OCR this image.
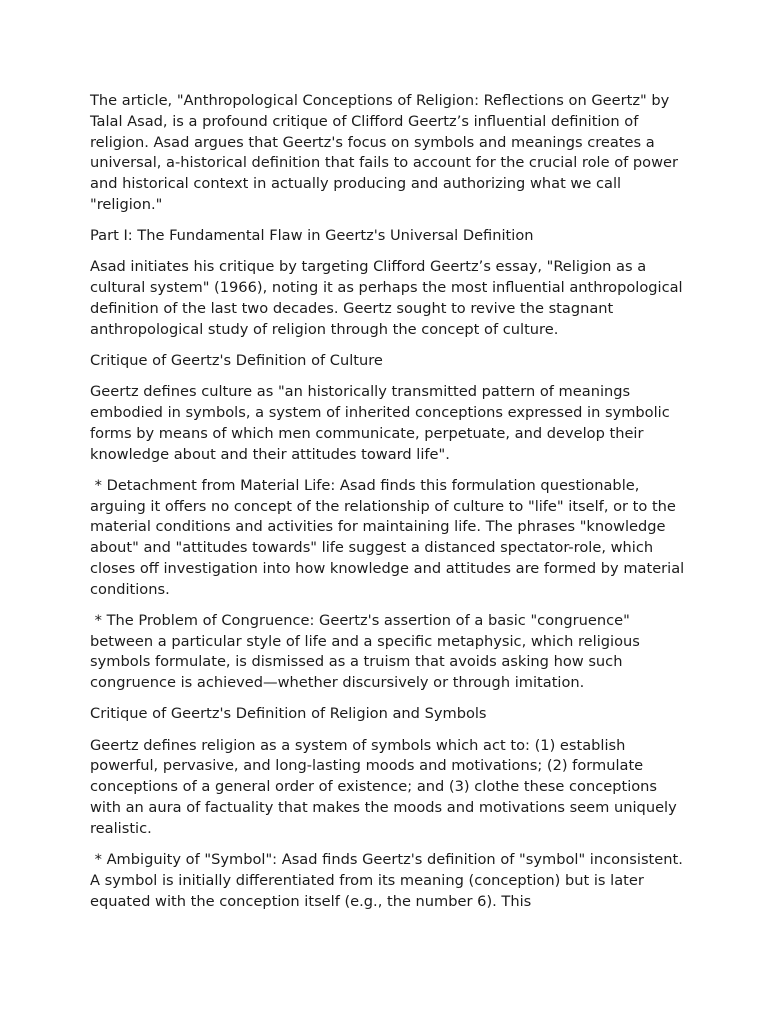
The article, "Anthropological Conceptions of Religion: Reflections on Geertz" by Talal Asad, is a profound critique of Clifford Geertz’s influential definition of religion. Asad argues that Geertz's focus on symbols and meanings creates a universal, a-historical definition that fails to account for the crucial role of power and historical context in actually producing and authorizing what we call "religion."

Part I: The Fundamental Flaw in Geertz's Universal Definition

Asad initiates his critique by targeting Clifford Geertz’s essay, "Religion as a cultural system" (1966), noting it as perhaps the most influential anthropological definition of the last two decades. Geertz sought to revive the stagnant anthropological study of religion through the concept of culture.

Critique of Geertz's Definition of Culture

Geertz defines culture as "an historically transmitted pattern of meanings embodied in symbols, a system of inherited conceptions expressed in symbolic forms by means of which men communicate, perpetuate, and develop their knowledge about and their attitudes toward life".

* Detachment from Material Life: Asad finds this formulation questionable, arguing it offers no concept of the relationship of culture to "life" itself, or to the material conditions and activities for maintaining life. The phrases "knowledge about" and "attitudes towards" life suggest a distanced spectator-role, which closes off investigation into how knowledge and attitudes are formed by material conditions.

* The Problem of Congruence: Geertz's assertion of a basic "congruence" between a particular style of life and a specific metaphysic, which religious symbols formulate, is dismissed as a truism that avoids asking how such congruence is achieved—whether discursively or through imitation.

Critique of Geertz's Definition of Religion and Symbols

Geertz defines religion as a system of symbols which act to: (1) establish powerful, pervasive, and long-lasting moods and motivations; (2) formulate conceptions of a general order of existence; and (3) clothe these conceptions with an aura of factuality that makes the moods and motivations seem uniquely realistic.

* Ambiguity of "Symbol": Asad finds Geertz's definition of "symbol" inconsistent. A symbol is initially differentiated from its meaning (conception) but is later equated with the conception itself (e.g., the number 6). This
